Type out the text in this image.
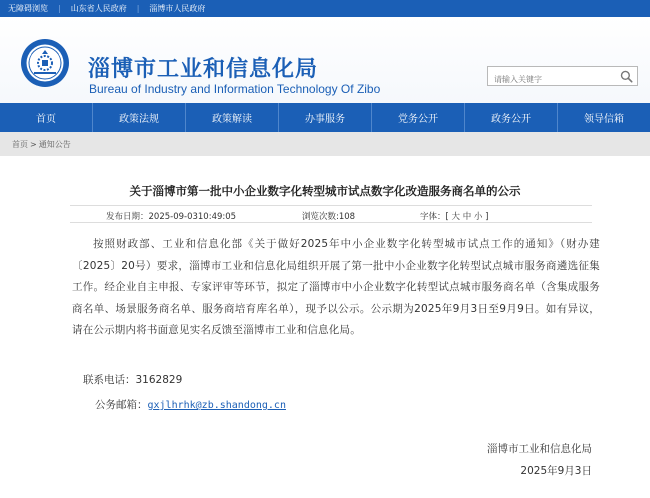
无障碍浏览 | 山东省人民政府 | 淄博市人民政府
淄博市工业和信息化局
Bureau of Industry and Information Technology Of Zibo
请输入关键字
首页	政策法规	政策解读	办事服务	党务公开	政务公开	领导信箱
首页 > 通知公告
关于淄博市第一批中小企业数字化转型城市试点数字化改造服务商名单的公示
发布日期：2025-09-0310:49:05	浏览次数:108	字体：[ 大 中 小 ]

按照财政部、工业和信息化部《关于做好2025年中小企业数字化转型城市试点工作的通知》（财办建〔2025〕20号）要求，淄博市工业和信息化局组织开展了第一批中小企业数字化转型试点城市服务商遴选征集工作。经企业自主申报、专家评审等环节，拟定了淄博市中小企业数字化转型试点城市服务商名单（含集成服务商名单、场景服务商名单、服务商培育库名单），现予以公示。公示期为2025年9月3日至9月9日。如有异议，请在公示期内将书面意见实名反馈至淄博市工业和信息化局。

联系电话：3162829
公务邮箱：gxjlhrhk@zb.shandong.cn
淄博市工业和信息化局
2025年9月3日
